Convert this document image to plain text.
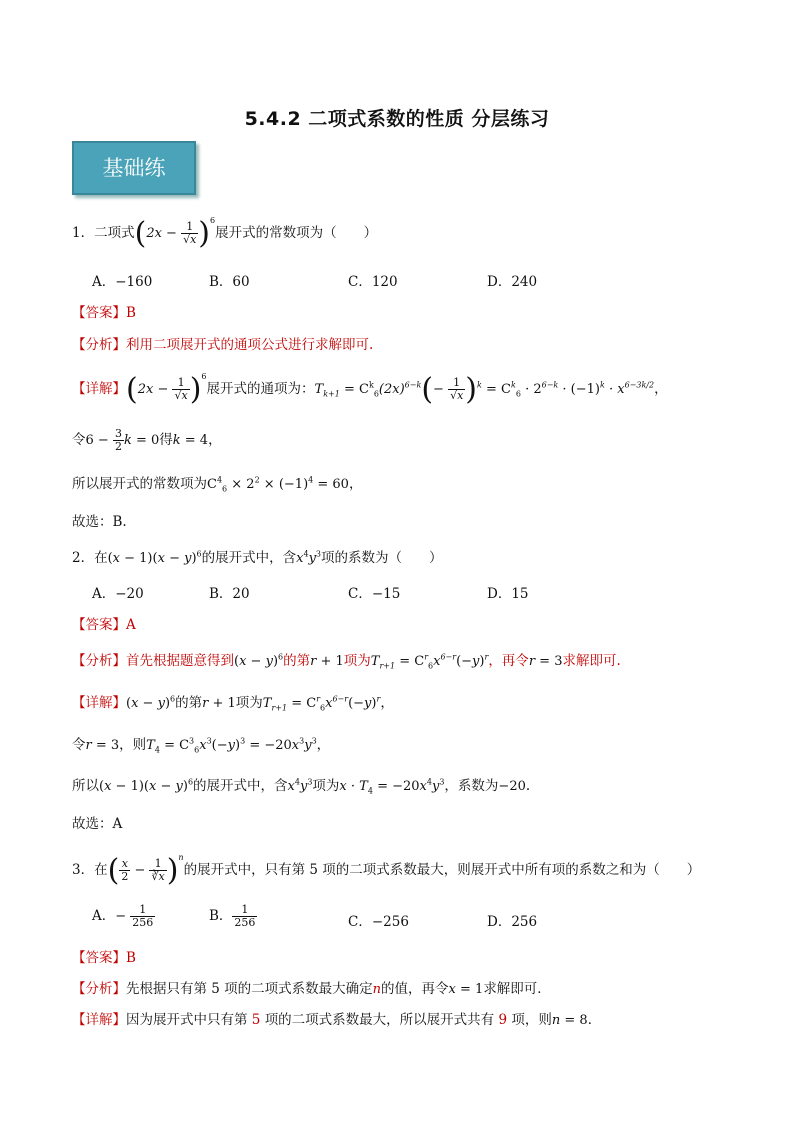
5.4.2 二项式系数的性质 分层练习
基础练
1．二项式$(2x - \frac{1}{√x} )^6$展开式的常数项为（　　）
A．−160	B．60	C．120	D．240
【答案】B
【分析】利用二项展开式的通项公式进行求解即可.
【详解】$(2x - \frac{1}{√x} )^6$展开式的通项为：$T_{k+1} = C^k_6(2x)^{6-k}(- \frac{1}{√x} )^k = C^k_6 \cdot 2^{6-k} \cdot (-1)^k \cdot x^{6-3k/2}$，
令$6 - \frac{3}{2}$ k = 0得k = 4，
所以展开式的常数项为$C^4_6 \times 2^2 \times (-1)^4 = 60$，
故选：B.
2．在$(x - 1)(x - y)^6$的展开式中，含$x^4y^3$项的系数为（　　）
A．−20	B．20	C．−15	D．15
【答案】A
【分析】首先根据题意得到$(x - y)^6$的第r + 1项为$T_{r+1} = C^r_6x^{6-r}(-y)^r$，再令r = 3求解即可.
【详解】$(x - y)^6$的第r + 1项为$T_{r+1} = C^r_6x^{6-r}(-y)^r$，
令r = 3，则$T_4 = C^3_6x^3(-y)^3 = -20x^3y^3$，
所以$(x - 1)(x - y)^6$的展开式中，含$x^4y^3$项为$x \cdot T_4 = -20x^4y^3$，系数为−20.
故选：A
3．在( $\frac{x}{2} - \frac{1}{∛x} )^n$的展开式中，只有第 5 项的二项式系数最大，则展开式中所有项的系数之和为（　　）
A．− $\frac{1}{256}$	B． $\frac{1}{256}$	C．−256	D．256
【答案】B
【分析】先根据只有第 5 项的二项式系数最大确定n的值，再令x = 1求解即可．
【详解】因为展开式中只有第 5 项的二项式系数最大，所以展开式共有 9 项，则n = 8．
